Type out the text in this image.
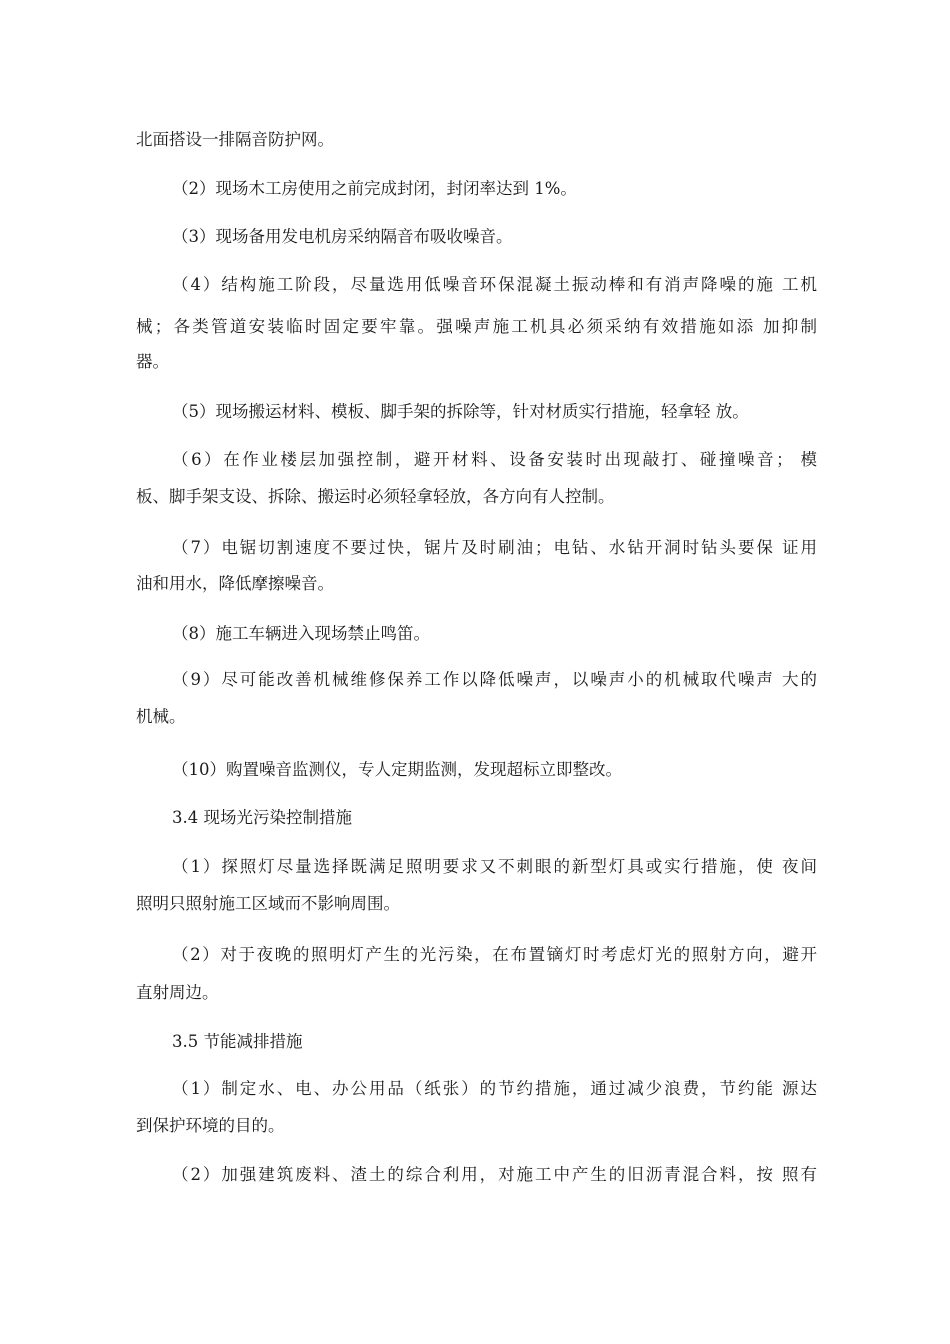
北面搭设一排隔音防护网。

（2）现场木工房使用之前完成封闭，封闭率达到 1%。

（3）现场备用发电机房采纳隔音布吸收噪音。

（4）结构施工阶段，尽量选用低噪音环保混凝土振动棒和有消声降噪的施 工机

械；各类管道安装临时固定要牢靠。强噪声施工机具必须采纳有效措施如添 加抑制

器。

（5）现场搬运材料、模板、脚手架的拆除等，针对材质实行措施，轻拿轻 放。

（6）在作业楼层加强控制，避开材料、设备安装时出现敲打、碰撞噪音； 模

板、脚手架支设、拆除、搬运时必须轻拿轻放，各方向有人控制。

（7）电锯切割速度不要过快，锯片及时刷油；电钻、水钻开洞时钻头要保 证用

油和用水，降低摩擦噪音。

（8）施工车辆进入现场禁止鸣笛。

（9）尽可能改善机械维修保养工作以降低噪声，以噪声小的机械取代噪声 大的

机械。

（10）购置噪音监测仪，专人定期监测，发现超标立即整改。

3.4 现场光污染控制措施

（1）探照灯尽量选择既满足照明要求又不刺眼的新型灯具或实行措施，使 夜间

照明只照射施工区域而不影响周围。

（2）对于夜晚的照明灯产生的光污染，在布置镝灯时考虑灯光的照射方向，避开

直射周边。

3.5 节能减排措施

（1）制定水、电、办公用品（纸张）的节约措施，通过减少浪费，节约能 源达

到保护环境的目的。

（2）加强建筑废料、渣土的综合利用，对施工中产生的旧沥青混合料，按 照有
